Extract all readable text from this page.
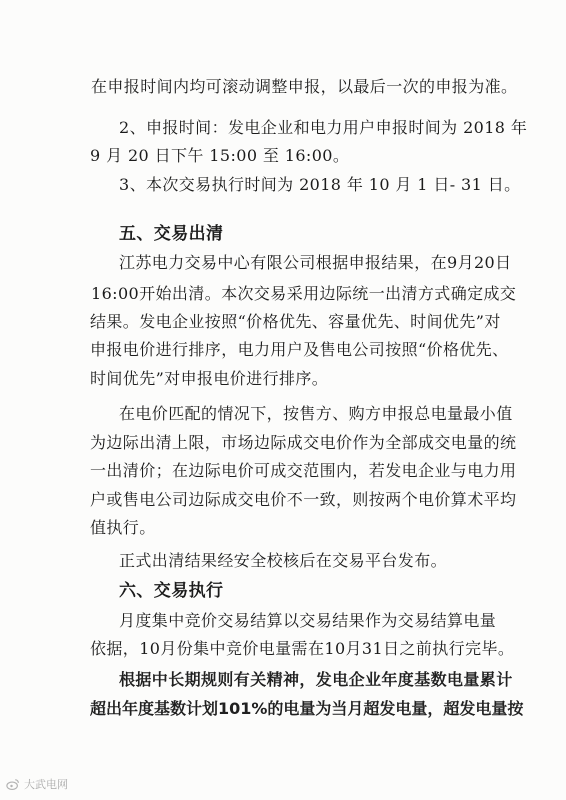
在申报时间内均可滚动调整申报，以最后一次的申报为准。
2、申报时间：发电企业和电力用户申报时间为 2018 年
9 月 20 日下午 15:00 至 16:00。
3、本次交易执行时间为 2018 年 10 月 1 日- 31 日。
五、交易出清
江苏电力交易中心有限公司根据申报结果，在9月20日
16:00开始出清。本次交易采用边际统一出清方式确定成交
结果。发电企业按照“价格优先、容量优先、时间优先”对
申报电价进行排序，电力用户及售电公司按照“价格优先、
时间优先”对申报电价进行排序。
在电价匹配的情况下，按售方、购方申报总电量最小值
为边际出清上限，市场边际成交电价作为全部成交电量的统
一出清价；在边际电价可成交范围内，若发电企业与电力用
户或售电公司边际成交电价不一致，则按两个电价算术平均
值执行。
正式出清结果经安全校核后在交易平台发布。
六、交易执行
月度集中竞价交易结算以交易结果作为交易结算电量
依据，10月份集中竞价电量需在10月31日之前执行完毕。
根据中长期规则有关精神，发电企业年度基数电量累计
超出年度基数计划101%的电量为当月超发电量，超发电量按
大武电网
